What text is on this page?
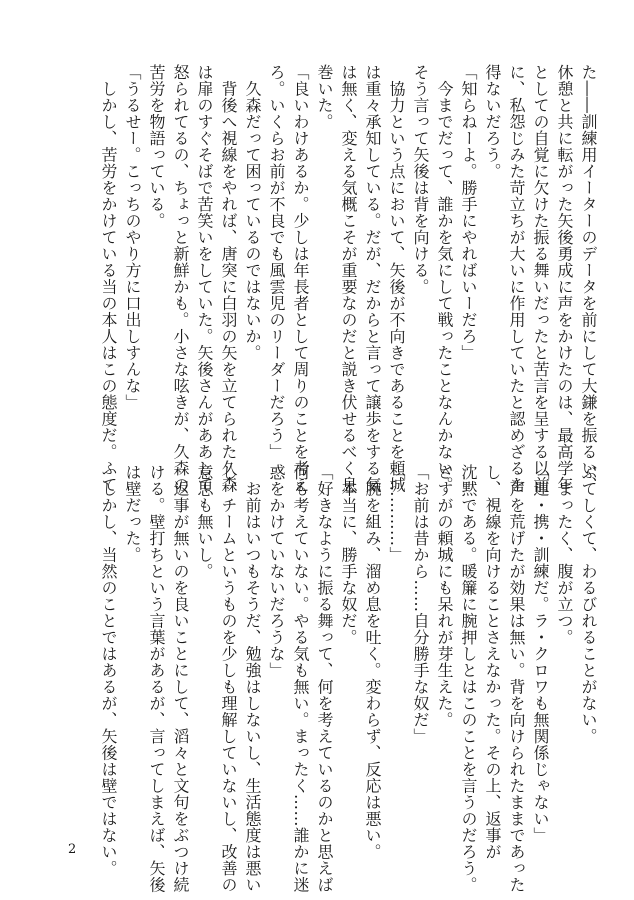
た――訓練用イーターのデータを前にして大鎌を振るい、

休憩と共に転がった矢後勇成に声をかけたのは、最高学年

としての自覚に欠けた振る舞いだったと苦言を呈する以前

に、私怨じみた苛立ちが大いに作用していたと認めざるを

得ないだろう。

「知らねーよ。勝手にやればいーだろ」

　今までだって、誰かを気にして戦ったことなんかない。

そう言って矢後は背を向ける。

　協力という点において、矢後が不向きであることを頼城

は重々承知している。だが、だからと言って譲歩をする気

は無く、変える気概こそが重要なのだと説き伏せるべく息

巻いた。

「良いわけあるか。少しは年長者として周りのことを考え

ろ。いくらお前が不良でも風雲児のリーダーだろう」

　久森だって困っているのではないか。

　背後へ視線をやれば、唐突に白羽の矢を立てられた久森

は扉のすぐそばで苦笑いをしていた。矢後さんがああして

怒られてるの、ちょっと新鮮かも。小さな呟きが、久森の

苦労を物語っている。

「うるせー。こっちのやり方に口出しすんな」

　しかし、苦労をかけている当の本人はこの態度だ。ふて

ぶてしくて、わるびれることがない。

　まったく、腹が立つ。

「連・携・訓練だ。ラ・クロワも無関係じゃない」

　声を荒げたが効果は無い。背を向けられたままであった

し、視線を向けることさえなかった。その上、返事が

沈黙である。暖簾に腕押しとはこのことを言うのだろう。

さすがの頼城にも呆れが芽生えた。

「お前は昔から……自分勝手な奴だ」

「…………」

　腕を組み、溜め息を吐く。変わらず、反応は悪い。

　本当に、勝手な奴だ。

「好きなように振る舞って、何を考えているのかと思えば

何も考えていない。やる気も無い。まったく……誰かに迷

惑をかけていないだろうな」

　お前はいつもそうだ、勉強はしないし、生活態度は悪い

し、チームというものを少しも理解していないし、改善の

意思も無いし。

　返事が無いのを良いことにして、滔々と文句をぶつけ続

ける。壁打ちという言葉があるが、言ってしまえば、矢後

は壁だった。

　しかし、当然のことではあるが、矢後は壁ではない。

2
